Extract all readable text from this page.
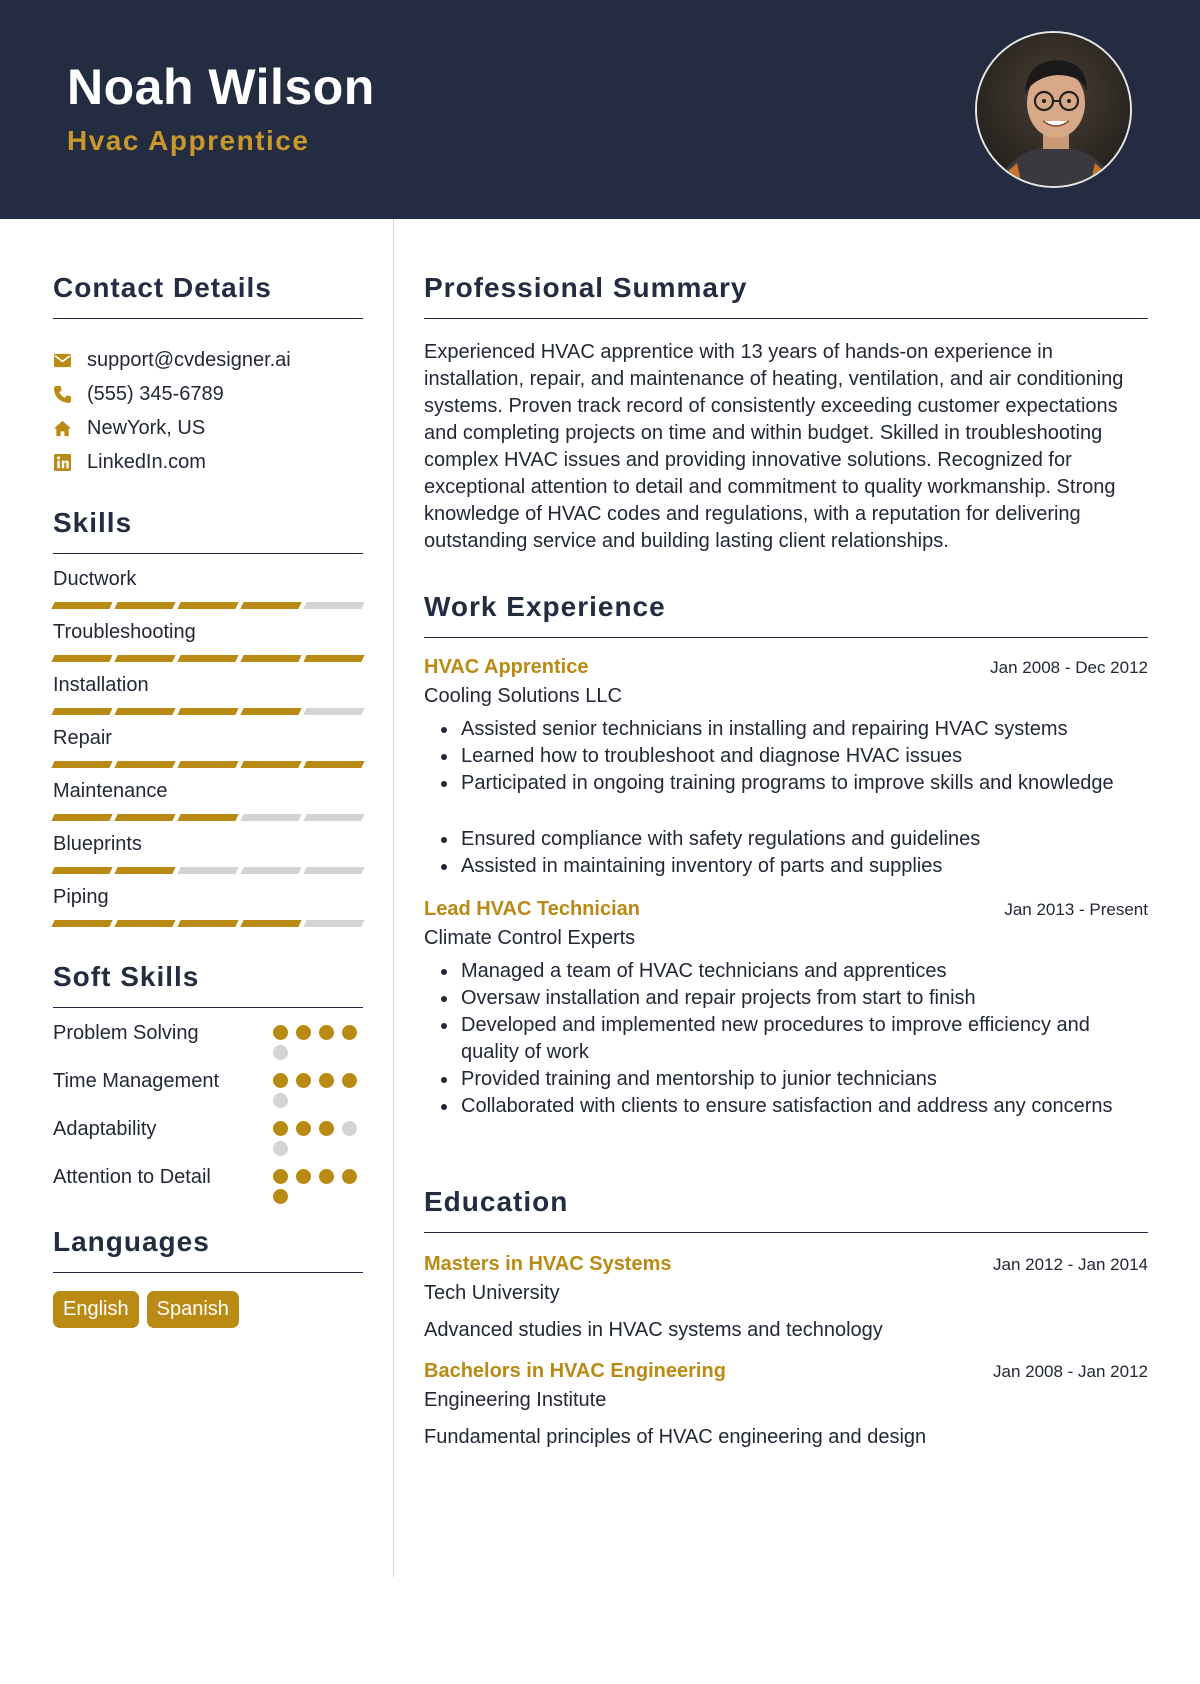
Noah Wilson
Hvac Apprentice
Contact Details
support@cvdesigner.ai
(555) 345-6789
NewYork, US
LinkedIn.com
Skills
Ductwork
Troubleshooting
Installation
Repair
Maintenance
Blueprints
Piping
Soft Skills
Problem Solving
Time Management
Adaptability
Attention to Detail
Languages
English	Spanish
Professional Summary

Experienced HVAC apprentice with 13 years of hands-on experience in installation, repair, and maintenance of heating, ventilation, and air conditioning systems. Proven track record of consistently exceeding customer expectations and completing projects on time and within budget. Skilled in troubleshooting complex HVAC issues and providing innovative solutions. Recognized for exceptional attention to detail and commitment to quality workmanship. Strong knowledge of HVAC codes and regulations, with a reputation for delivering outstanding service and building lasting client relationships.

Work Experience
HVAC Apprentice	Jan 2008 - Dec 2012
Cooling Solutions LLC
Assisted senior technicians in installing and repairing HVAC systems
Learned how to troubleshoot and diagnose HVAC issues
Participated in ongoing training programs to improve skills and knowledge
Ensured compliance with safety regulations and guidelines
Assisted in maintaining inventory of parts and supplies
Lead HVAC Technician	Jan 2013 - Present
Climate Control Experts
Managed a team of HVAC technicians and apprentices
Oversaw installation and repair projects from start to finish
Developed and implemented new procedures to improve efficiency and quality of work
Provided training and mentorship to junior technicians
Collaborated with clients to ensure satisfaction and address any concerns
Education
Masters in HVAC Systems	Jan 2012 - Jan 2014
Tech University
Advanced studies in HVAC systems and technology
Bachelors in HVAC Engineering	Jan 2008 - Jan 2012
Engineering Institute
Fundamental principles of HVAC engineering and design
